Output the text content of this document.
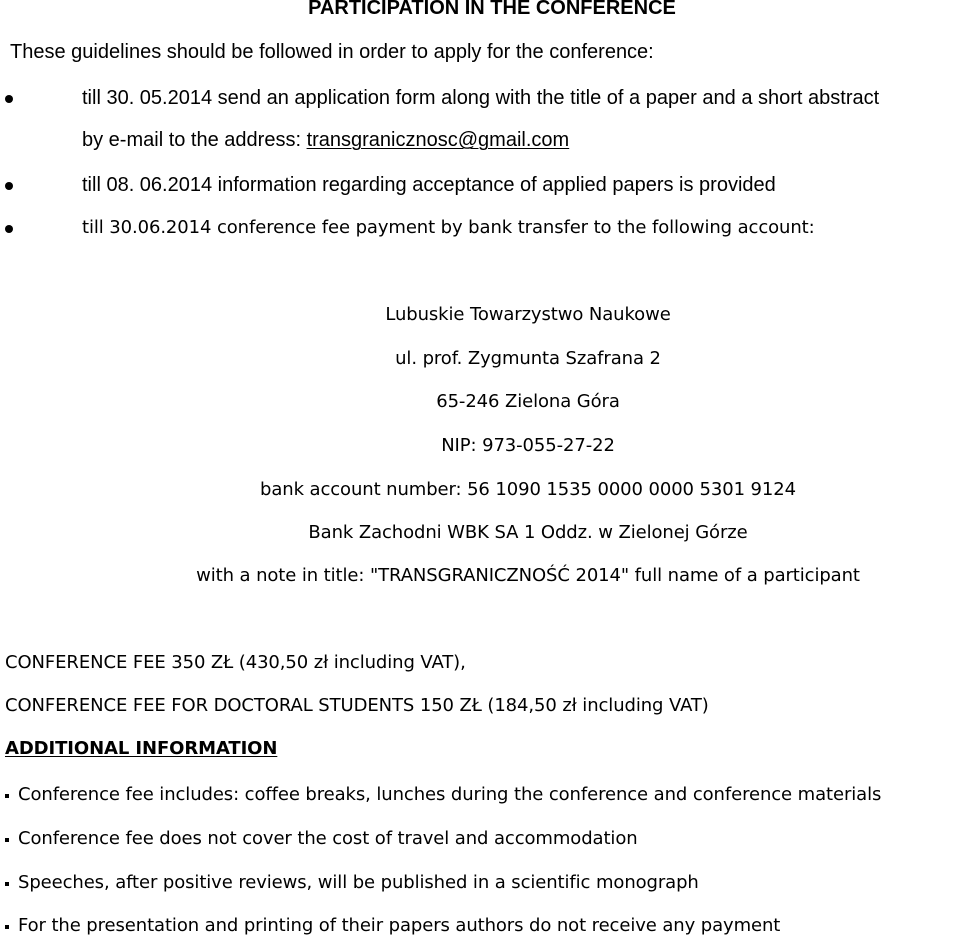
PARTICIPATION IN THE CONFERENCE
These guidelines should be followed in order to apply for the conference:
till 30. 05.2014 send an application form along with the title of a paper and a short abstract
by e-mail to the address: transgranicznosc@gmail.com
till 08. 06.2014 information regarding acceptance of applied papers is provided
till 30.06.2014 conference fee payment by bank transfer to the following account:
Lubuskie Towarzystwo Naukowe
ul. prof. Zygmunta Szafrana 2
65-246 Zielona Góra
NIP: 973-055-27-22
bank account number: 56 1090 1535 0000 0000 5301 9124
Bank Zachodni WBK SA 1 Oddz. w Zielonej Górze
with a note in title: "TRANSGRANICZNOŚĆ 2014" full name of a participant
CONFERENCE FEE 350 ZŁ (430,50 zł including VAT),
CONFERENCE FEE FOR DOCTORAL STUDENTS 150 ZŁ (184,50 zł including VAT)
ADDITIONAL INFORMATION
Conference fee includes: coffee breaks, lunches during the conference and conference materials
Conference fee does not cover the cost of travel and accommodation
Speeches, after positive reviews, will be published in a scientific monograph
For the presentation and printing of their papers authors do not receive any payment
